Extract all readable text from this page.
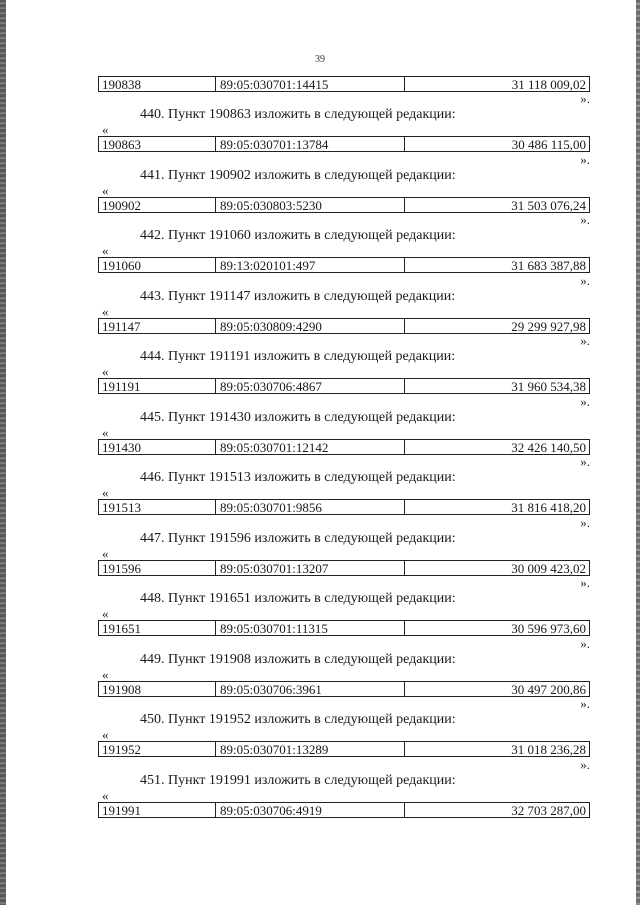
39
190838	89:05:030701:14415	31 118 009,02
».
440. Пункт 190863 изложить в следующей редакции:
«
190863	89:05:030701:13784	30 486 115,00
».
441. Пункт 190902 изложить в следующей редакции:
«
190902	89:05:030803:5230	31 503 076,24
».
442. Пункт 191060 изложить в следующей редакции:
«
191060	89:13:020101:497	31 683 387,88
».
443. Пункт 191147 изложить в следующей редакции:
«
191147	89:05:030809:4290	29 299 927,98
».
444. Пункт 191191 изложить в следующей редакции:
«
191191	89:05:030706:4867	31 960 534,38
».
445. Пункт 191430 изложить в следующей редакции:
«
191430	89:05:030701:12142	32 426 140,50
».
446. Пункт 191513 изложить в следующей редакции:
«
191513	89:05:030701:9856	31 816 418,20
».
447. Пункт 191596 изложить в следующей редакции:
«
191596	89:05:030701:13207	30 009 423,02
».
448. Пункт 191651 изложить в следующей редакции:
«
191651	89:05:030701:11315	30 596 973,60
».
449. Пункт 191908 изложить в следующей редакции:
«
191908	89:05:030706:3961	30 497 200,86
».
450. Пункт 191952 изложить в следующей редакции:
«
191952	89:05:030701:13289	31 018 236,28
».
451. Пункт 191991 изложить в следующей редакции:
«
191991	89:05:030706:4919	32 703 287,00
